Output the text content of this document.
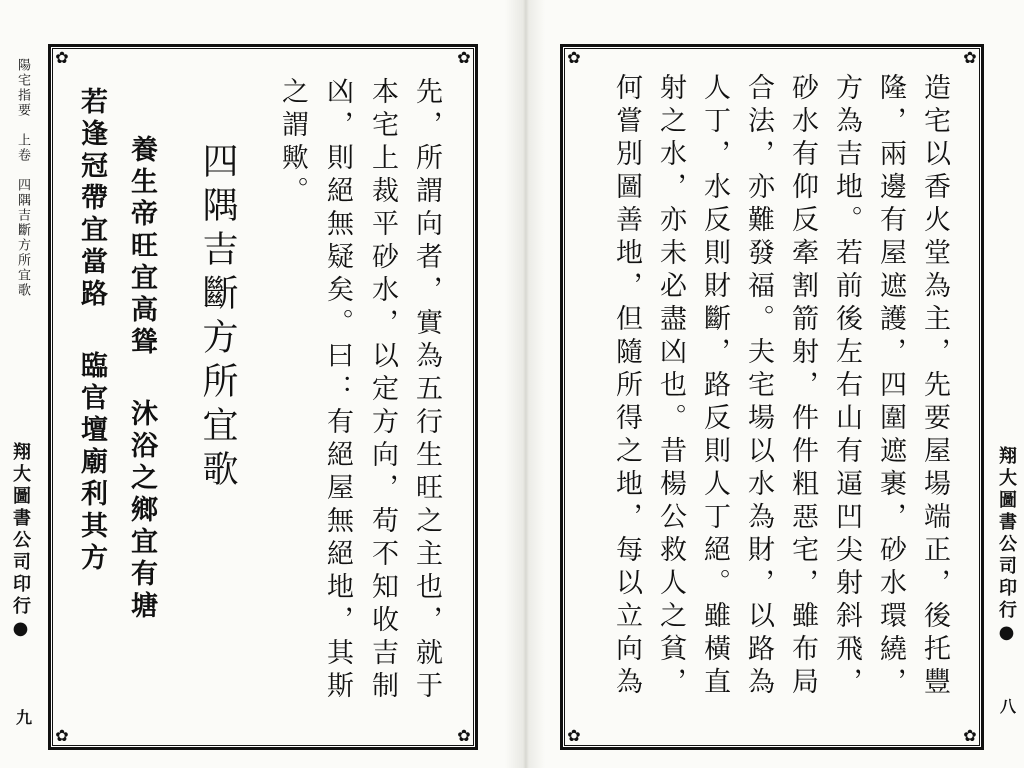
陽宅指要　上卷　四隅吉斷方所宜歌
翔大圖書公司印行●
九
✿	✿
✿	✿
先，所謂向者，實為五行生旺之主也，就于
本宅上裁平砂水，以定方向，苟不知收吉制
凶，則絕無疑矣。曰：有絕屋無絕地，其斯
之謂歟。
四隅吉斷方所宜歌
養生帝旺宜高聳沐浴之鄉宜有塘
若逢冠帶宜當路臨官壇廟利其方
✿	✿
✿	✿
造宅以香火堂為主，先要屋場端正，後托豐
隆，兩邊有屋遮護，四圍遮裹，砂水環繞，
方為吉地。若前後左右山有逼凹尖射斜飛，
砂水有仰反牽割箭射，件件粗惡宅，雖布局
合法，亦難發福。夫宅場以水為財，以路為
人丁，水反則財斷，路反則人丁絕。雖橫直
射之水，亦未必盡凶也。昔楊公救人之貧，
何嘗別圖善地，但隨所得之地，每以立向為	翔大圖書公司印行●
八
